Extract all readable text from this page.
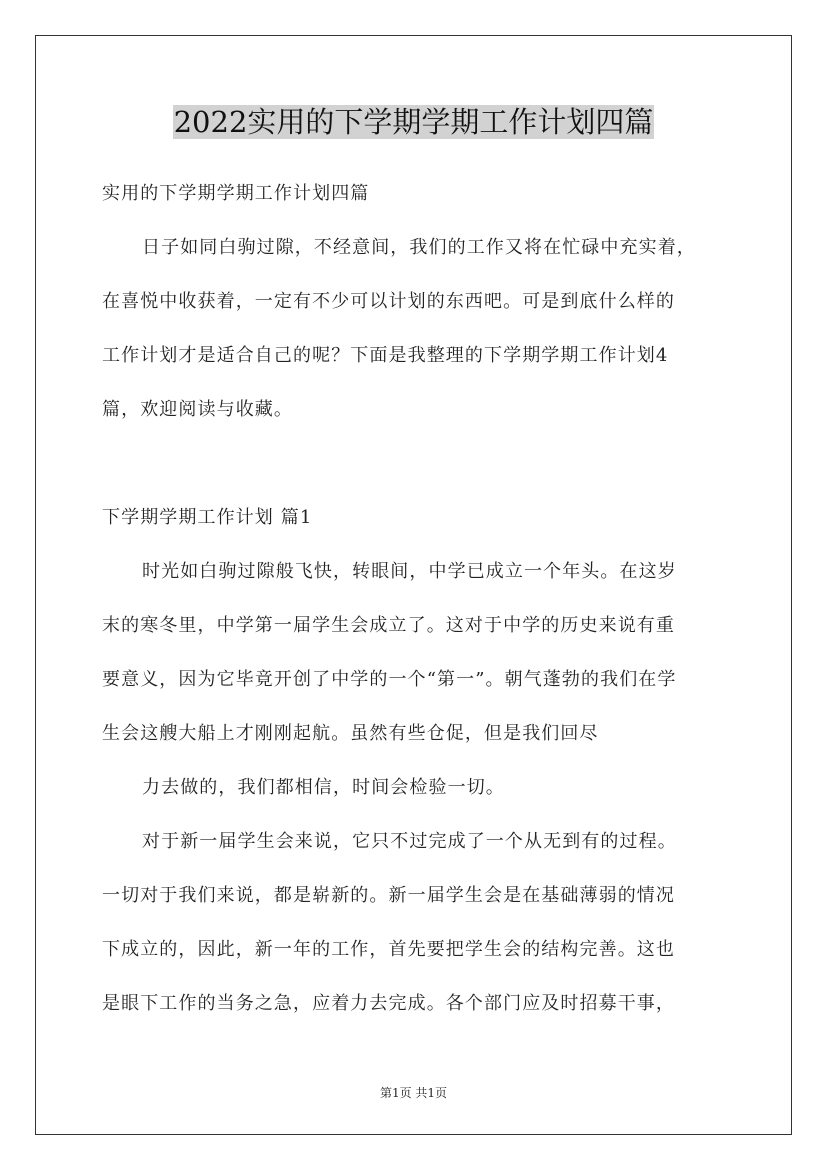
2022实用的下学期学期工作计划四篇
实用的下学期学期工作计划四篇
日子如同白驹过隙，不经意间，我们的工作又将在忙碌中充实着，
在喜悦中收获着，一定有不少可以计划的东西吧。可是到底什么样的
工作计划才是适合自己的呢？下面是我整理的下学期学期工作计划4
篇，欢迎阅读与收藏。
下学期学期工作计划 篇1
时光如白驹过隙般飞快，转眼间，中学已成立一个年头。在这岁
末的寒冬里，中学第一届学生会成立了。这对于中学的历史来说有重
要意义，因为它毕竟开创了中学的一个“第一”。朝气蓬勃的我们在学
生会这艘大船上才刚刚起航。虽然有些仓促，但是我们回尽
力去做的，我们都相信，时间会检验一切。
对于新一届学生会来说，它只不过完成了一个从无到有的过程。
一切对于我们来说，都是崭新的。新一届学生会是在基础薄弱的情况
下成立的，因此，新一年的工作，首先要把学生会的结构完善。这也
是眼下工作的当务之急，应着力去完成。各个部门应及时招募干事，
第1页 共1页
